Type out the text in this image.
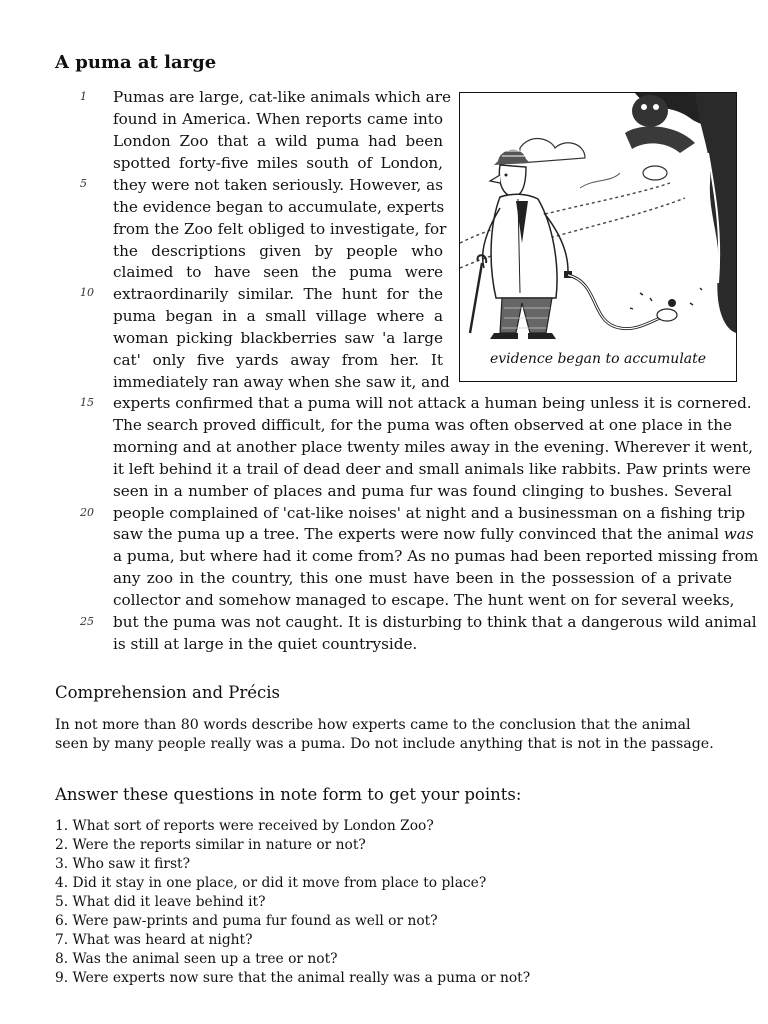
A puma at large
1
5
10
15
20
25
Pumas are large, cat-like animals which are
found in America. When reports came into
London Zoo that a wild puma had been
spotted forty-five miles south of London,
they were not taken seriously. However, as
the evidence began to accumulate, experts
from the Zoo felt obliged to investigate, for
the descriptions given by people who
claimed to have seen the puma were
extraordinarily similar. The hunt for the
puma began in a small village where a
woman picking blackberries saw 'a large
cat' only five yards away from her. It
immediately ran away when she saw it, and
experts confirmed that a puma will not attack a human being unless it is cornered.
The search proved difficult, for the puma was often observed at one place in the
morning and at another place twenty miles away in the evening. Wherever it went,
it left behind it a trail of dead deer and small animals like rabbits. Paw prints were
seen in a number of places and puma fur was found clinging to bushes. Several
people complained of 'cat-like noises' at night and a businessman on a fishing trip
saw the puma up a tree. The experts were now fully convinced that the animal was
a puma, but where had it come from? As no pumas had been reported missing from
any zoo in the country, this one must have been in the possession of a private
collector and somehow managed to escape. The hunt went on for several weeks,
but the puma was not caught. It is disturbing to think that a dangerous wild animal
is still at large in the quiet countryside.
evidence began to accumulate
Comprehension and Précis

In not more than 80 words describe how experts came to the conclusion that the animal seen by many people really was a puma. Do not include anything that is not in the passage.

Answer these questions in note form to get your points:
1. What sort of reports were received by London Zoo?
2. Were the reports similar in nature or not?
3. Who saw it first?
4. Did it stay in one place, or did it move from place to place?
5. What did it leave behind it?
6. Were paw-prints and puma fur found as well or not?
7. What was heard at night?
8. Was the animal seen up a tree or not?
9. Were experts now sure that the animal really was a puma or not?
